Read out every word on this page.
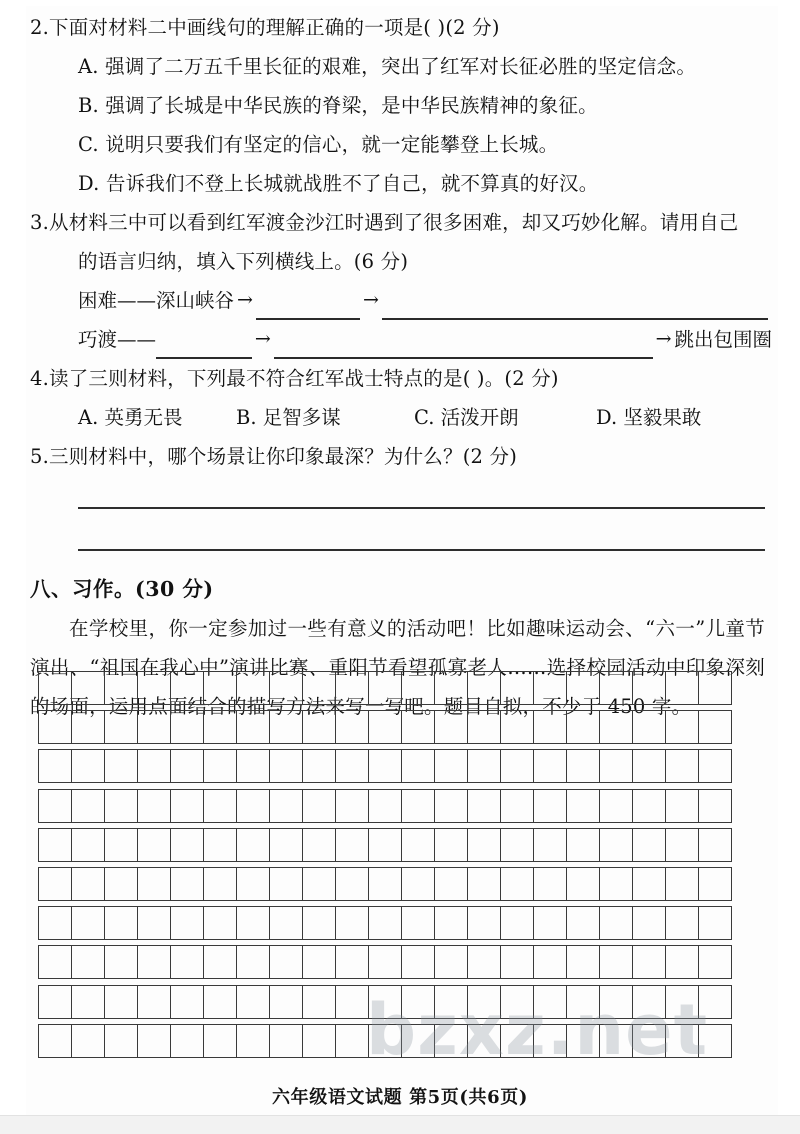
bzxz.net
2.下面对材料二中画线句的理解正确的一项是( )(2 分)
A. 强调了二万五千里长征的艰难，突出了红军对长征必胜的坚定信念。
B. 强调了长城是中华民族的脊梁，是中华民族精神的象征。
C. 说明只要我们有坚定的信心，就一定能攀登上长城。
D. 告诉我们不登上长城就战胜不了自己，就不算真的好汉。
3.从材料三中可以看到红军渡金沙江时遇到了很多困难，却又巧妙化解。请用自己
的语言归纳，填入下列横线上。(6 分)
困难——深山峡谷 →	→
巧渡——	→	→ 跳出包围圈
4.读了三则材料，下列最不符合红军战士特点的是( )。(2 分)
A. 英勇无畏	B. 足智多谋	C. 活泼开朗	D. 坚毅果敢
5.三则材料中，哪个场景让你印象最深？为什么？(2 分)
八、习作。(30 分)
在学校里，你一定参加过一些有意义的活动吧！比如趣味运动会、“六一”儿童节演出、“祖国在我心中”演讲比赛、重阳节看望孤寡老人……选择校园活动中印象深刻的场面，运用点面结合的描写方法来写一写吧。题目自拟，不少于 450 字。
六年级语文试题 第5页(共6页)
